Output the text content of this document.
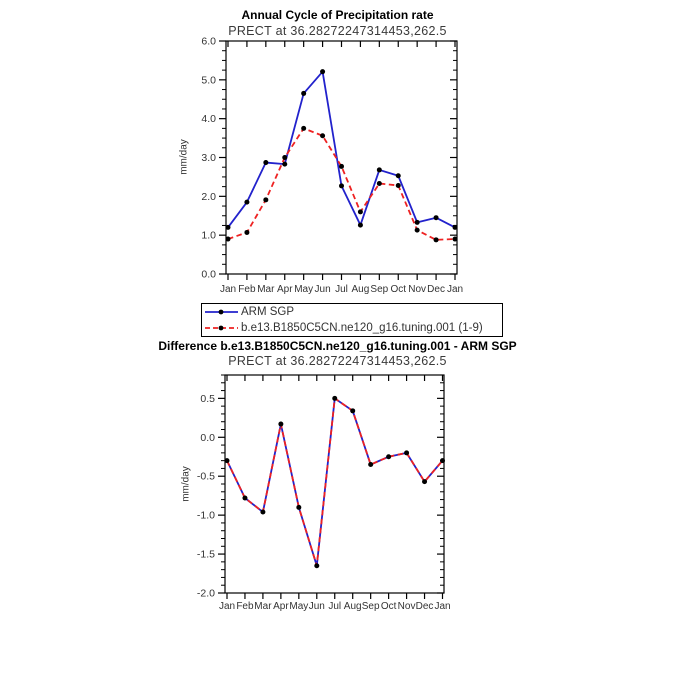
Annual Cycle of Precipitation rate
PRECT at 36.28272247314453,262.5
Difference b.e13.B1850C5CN.ne120_g16.tuning.001 - ARM SGP
PRECT at 36.28272247314453,262.5
mm/day
mm/day
0.0
1.0
2.0
3.0
4.0
5.0
6.0
Jan Feb Mar Apr May Jun Jul Aug Sep Oct Nov Dec Jan
-2.0
-1.5
-1.0
-0.5
0.0
0.5
Jan Feb Mar Apr May Jun Jul Aug Sep Oct Nov Dec Jan
ARM SGP
b.e13.B1850C5CN.ne120_g16.tuning.001 (1-9)
